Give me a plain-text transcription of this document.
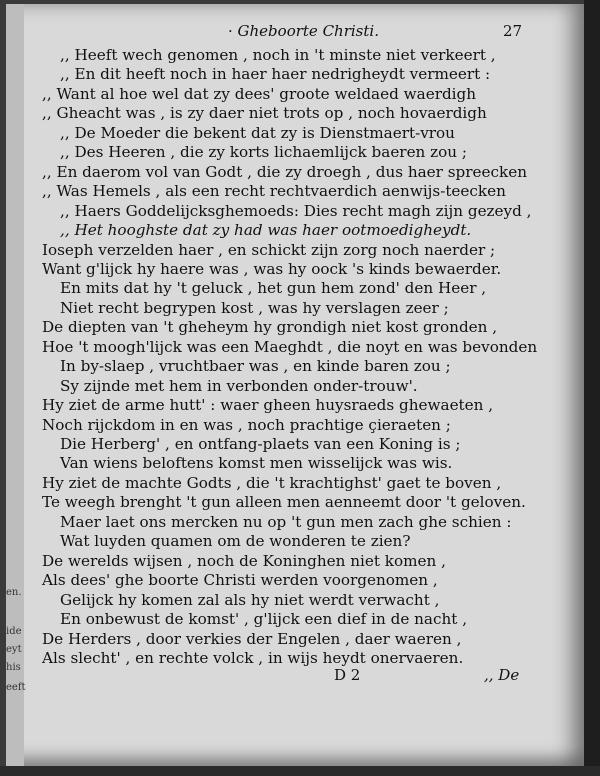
en.
ide
eyt
his
eeft
· Gheboorte Christi.	27
,, Heeft wech genomen , noch in 't minste niet verkeert ,
,, En dit heeft noch in haer haer nedrigheydt vermeert :
,, Want al hoe wel dat zy dees' groote weldaed waerdigh
,, Gheacht was , is zy daer niet trots op , noch hovaerdigh
,, De Moeder die bekent dat zy is Dienstmaert-vrou
,, Des Heeren , die zy korts lichaemlijck baeren zou ;
,, En daerom vol van Godt , die zy droegh , dus haer spreecken
,, Was Hemels , als een recht rechtvaerdich aenwijs-teecken
,, Haers Goddelijcksghemoeds: Dies recht magh zijn gezeyd ,
,, Het hooghste dat zy had was haer ootmoedigheydt.
Ioseph verzelden haer , en schickt zijn zorg noch naerder ;
Want g'lijck hy haere was , was hy oock 's kinds bewaerder.
En mits dat hy 't geluck , het gun hem zond' den Heer ,
Niet recht begrypen kost , was hy verslagen zeer ;
De diepten van 't gheheym hy grondigh niet kost gronden ,
Hoe 't moogh'lijck was een Maeghdt , die noyt en was bevonden
In by-slaep , vruchtbaer was , en kinde baren zou ;
Sy zijnde met hem in verbonden onder-trouw'.
Hy ziet de arme hutt' : waer gheen huysraeds ghewaeten ,
Noch rijckdom in en was , noch prachtige çieraeten ;
Die Herberg' , en ontfang-plaets van een Koning is ;
Van wiens beloftens komst men wisselijck was wis.
Hy ziet de machte Godts , die 't krachtighst' gaet te boven ,
Te weegh brenght 't gun alleen men aenneemt door 't geloven.
Maer laet ons mercken nu op 't gun men zach ghe schien :
Wat luyden quamen om de wonderen te zien?
De werelds wijsen , noch de Koninghen niet komen ,
Als dees' ghe boorte Christi werden voorgenomen ,
Gelijck hy komen zal als hy niet werdt verwacht ,
En onbewust de komst' , g'lijck een dief in de nacht ,
De Herders , door verkies der Engelen , daer waeren ,
Als slecht' , en rechte volck , in wijs heydt onervaeren.
D 2	,, De
